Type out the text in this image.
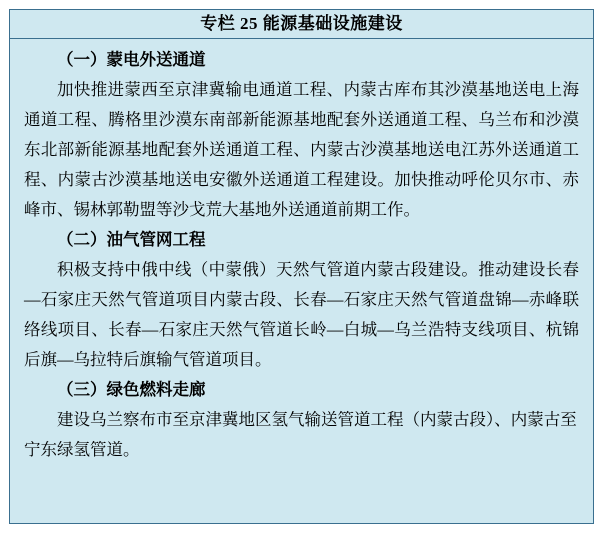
专栏 25 能源基础设施建设

（一）蒙电外送通道

加快推进蒙西至京津冀输电通道工程、内蒙古库布其沙漠基地送电上海通道工程、腾格里沙漠东南部新能源基地配套外送通道工程、乌兰布和沙漠东北部新能源基地配套外送通道工程、内蒙古沙漠基地送电江苏外送通道工程、内蒙古沙漠基地送电安徽外送通道工程建设。加快推动呼伦贝尔市、赤峰市、锡林郭勒盟等沙戈荒大基地外送通道前期工作。

（二）油气管网工程

积极支持中俄中线（中蒙俄）天然气管道内蒙古段建设。推动建设长春—石家庄天然气管道项目内蒙古段、长春—石家庄天然气管道盘锦—赤峰联络线项目、长春—石家庄天然气管道长岭—白城—乌兰浩特支线项目、杭锦后旗—乌拉特后旗输气管道项目。

（三）绿色燃料走廊

建设乌兰察布市至京津冀地区氢气输送管道工程（内蒙古段）、内蒙古至宁东绿氢管道。
